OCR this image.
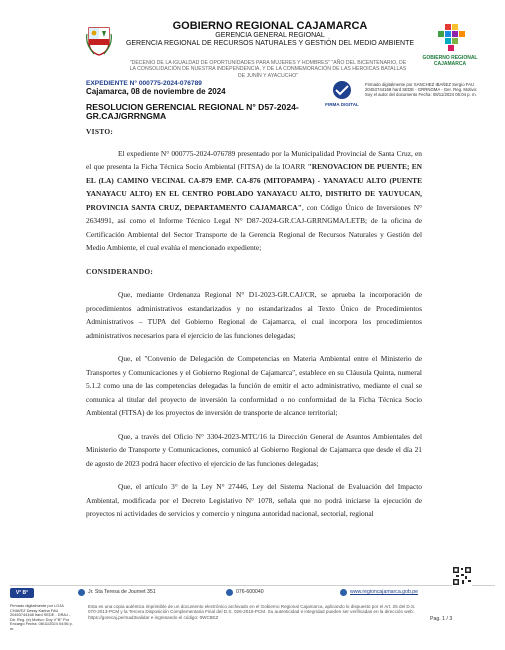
GOBIERNO REGIONAL CAJAMARCA
GERENCIA GENERAL REGIONAL
GERENCIA REGIONAL DE RECURSOS NATURALES Y GESTIÓN DEL MEDIO AMBIENTE
"DECENIO DE LA IGUALDAD DE OPORTUNIDADES PARA MUJERES Y HOMBRES" "AÑO DEL BICENTENARIO, DE LA CONSOLIDACIÓN DE NUESTRA INDEPENDENCIA, Y DE LA CONMEMORACIÓN DE LAS HEROICAS BATALLAS DE JUNÍN Y AYACUCHO"
GOBIERNO REGIONAL CAJAMARCA
EXPEDIENTE N° 000775-2024-076789
Cajamarca, 08 de noviembre de 2024
RESOLUCION GERENCIAL REGIONAL N° D57-2024-GR.CAJ/GRRNGMA
FIRMA DIGITAL
Firmado digitalmente por SANCHEZ IBAÑEZ Sergio FAU 20453744168 hard SEDE - GRRNGMA - Ger. Reg. Motivo: Soy el autor del documento Fecha: 08/11/2024 05:04 p. m.

VISTO:

El expediente N° 000775-2024-076789 presentado por la Municipalidad Provincial de Santa Cruz, en el que presenta la Ficha Técnica Socio Ambiental (FITSA) de la IOARR "RENOVACION DE PUENTE; EN EL (LA) CAMINO VECINAL CA-879 EMP. CA-876 (MITOPAMPA) - YANAYACU ALTO (PUENTE YANAYACU ALTO) EN EL CENTRO POBLADO YANAYACU ALTO, DISTRITO DE YAUYUCAN, PROVINCIA SANTA CRUZ, DEPARTAMENTO CAJAMARCA", con Código Único de Inversiones N° 2634991, así como el Informe Técnico Legal N° D87-2024-GR.CAJ-GRRNGMA/LETB; de la oficina de Certificación Ambiental del Sector Transporte de la Gerencia Regional de Recursos Naturales y Gestión del Medio Ambiente, el cual evalúa el mencionado expediente;

CONSIDERANDO:

Que, mediante Ordenanza Regional N° D1-2023-GR.CAJ/CR, se aprueba la incorporación de procedimientos administrativos estandarizados y no estandarizados al Texto Único de Procedimientos Administrativos – TUPA del Gobierno Regional de Cajamarca, el cual incorpora los procedimientos administrativos necesarios para el ejercicio de las funciones delegadas;

Que, el "Convenio de Delegación de Competencias en Materia Ambiental entre el Ministerio de Transportes y Comunicaciones y el Gobierno Regional de Cajamarca", establece en su Cláusula Quinta, numeral 5.1.2 como una de las competencias delegadas la función de emitir el acto administrativo, mediante el cual se comunica al titular del proyecto de inversión la conformidad o no conformidad de la Ficha Técnica Socio Ambiental (FITSA) de los proyectos de inversión de transporte de alcance territorial;

Que, a través del Oficio N° 3304-2023-MTC/16 la Dirección General de Asuntos Ambientales del Ministerio de Transporte y Comunicaciones, comunicó al Gobierno Regional de Cajamarca que desde el día 21 de agosto de 2023 podrá hacer efectivo el ejercicio de las funciones delegadas;

Que, el artículo 3° de la Ley N° 27446, Ley del Sistema Nacional de Evaluación del Impacto Ambiental, modificada por el Decreto Legislativo N° 1078, señala que no podrá iniciarse la ejecución de proyectos ni actividades de servicios y comercio y ninguna autoridad nacional, sectorial, regional

V° B°	Jr. Sta Teresa de Journet 351	076-600040	www.regioncajamarca.gob.pe
Firmado digitalmente por LOJA CHAVEZ Dessy Karina FAU 20453744168 hard SEDE - DRAJ - Dir. Reg. (e) Motivo: Doy V°B° Por Encargo Fecha: 08/11/2024 04:56 p. m.
Esta es una copia auténtica imprimible de un documento electrónico archivado en el Gobierno Regional Cajamarca, aplicando lo dispuesto por el Art. 25 del D.S. 070-2013-PCM y la Tercera Disposición Complementaria Final del D.S. 026-2016-PCM. Su autenticidad e integridad pueden ser verificadas en la dirección web: https://gorecaj.pe/mad3validar e ingresando el código: 0WC8EZ	Pag. 1 / 3
